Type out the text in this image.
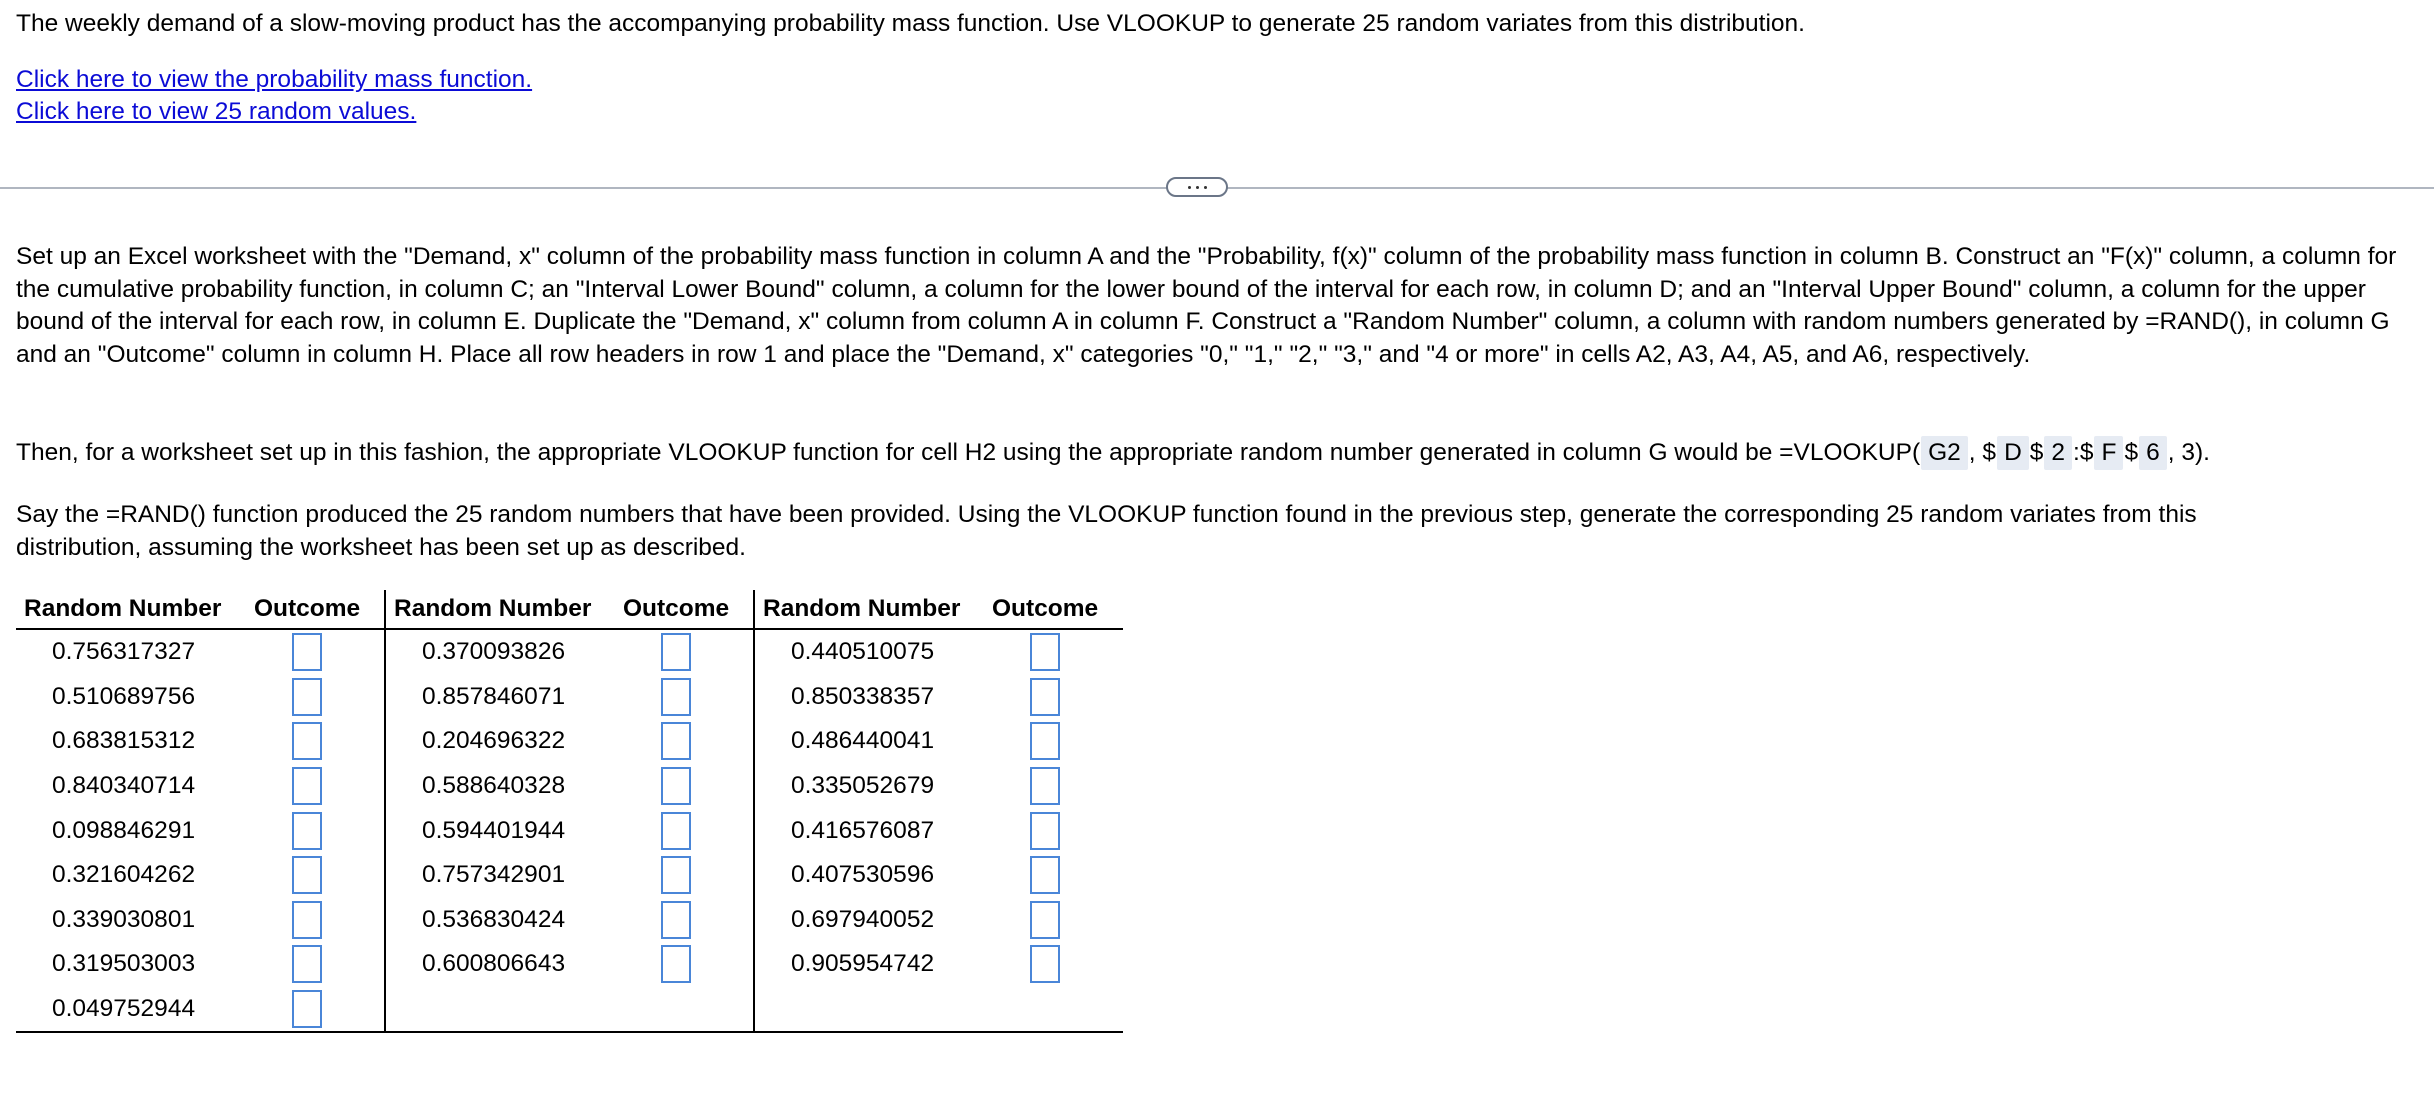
The weekly demand of a slow-moving product has the accompanying probability mass function. Use VLOOKUP to generate 25 random variates from this distribution.
Click here to view the probability mass function.
Click here to view 25 random values.
Set up an Excel worksheet with the "Demand, x" column of the probability mass function in column A and the "Probability, f(x)" column of the probability mass function in column B. Construct an "F(x)" column, a column for the cumulative probability function, in column C; an "Interval Lower Bound" column, a column for the lower bound of the interval for each row, in column D; and an "Interval Upper Bound" column, a column for the upper bound of the interval for each row, in column E. Duplicate the "Demand, x" column from column A in column F. Construct a "Random Number" column, a column with random numbers generated by =RAND(), in column G and an "Outcome" column in column H. Place all row headers in row 1 and place the "Demand, x" categories "0," "1," "2," "3," and "4 or more" in cells A2, A3, A4, A5, and A6, respectively.
Then, for a worksheet set up in this fashion, the appropriate VLOOKUP function for cell H2 using the appropriate random number generated in column G would be =VLOOKUP( G2 , $ D $ 2 :$ F $ 6 , 3).
Say the =RAND() function produced the 25 random numbers that have been provided. Using the VLOOKUP function found in the previous step, generate the corresponding 25 random variates from this distribution, assuming the worksheet has been set up as described.
Random Number	Outcome	Random Number	Outcome	Random Number	Outcome
0.756317327		0.370093826		0.440510075	

0.510689756		0.857846071		0.850338357	

0.683815312		0.204696322		0.486440041	

0.840340714		0.588640328		0.335052679	

0.098846291		0.594401944		0.416576087	

0.321604262		0.757342901		0.407530596	

0.339030801		0.536830424		0.697940052	

0.319503003		0.600806643		0.905954742	

0.049752944	
